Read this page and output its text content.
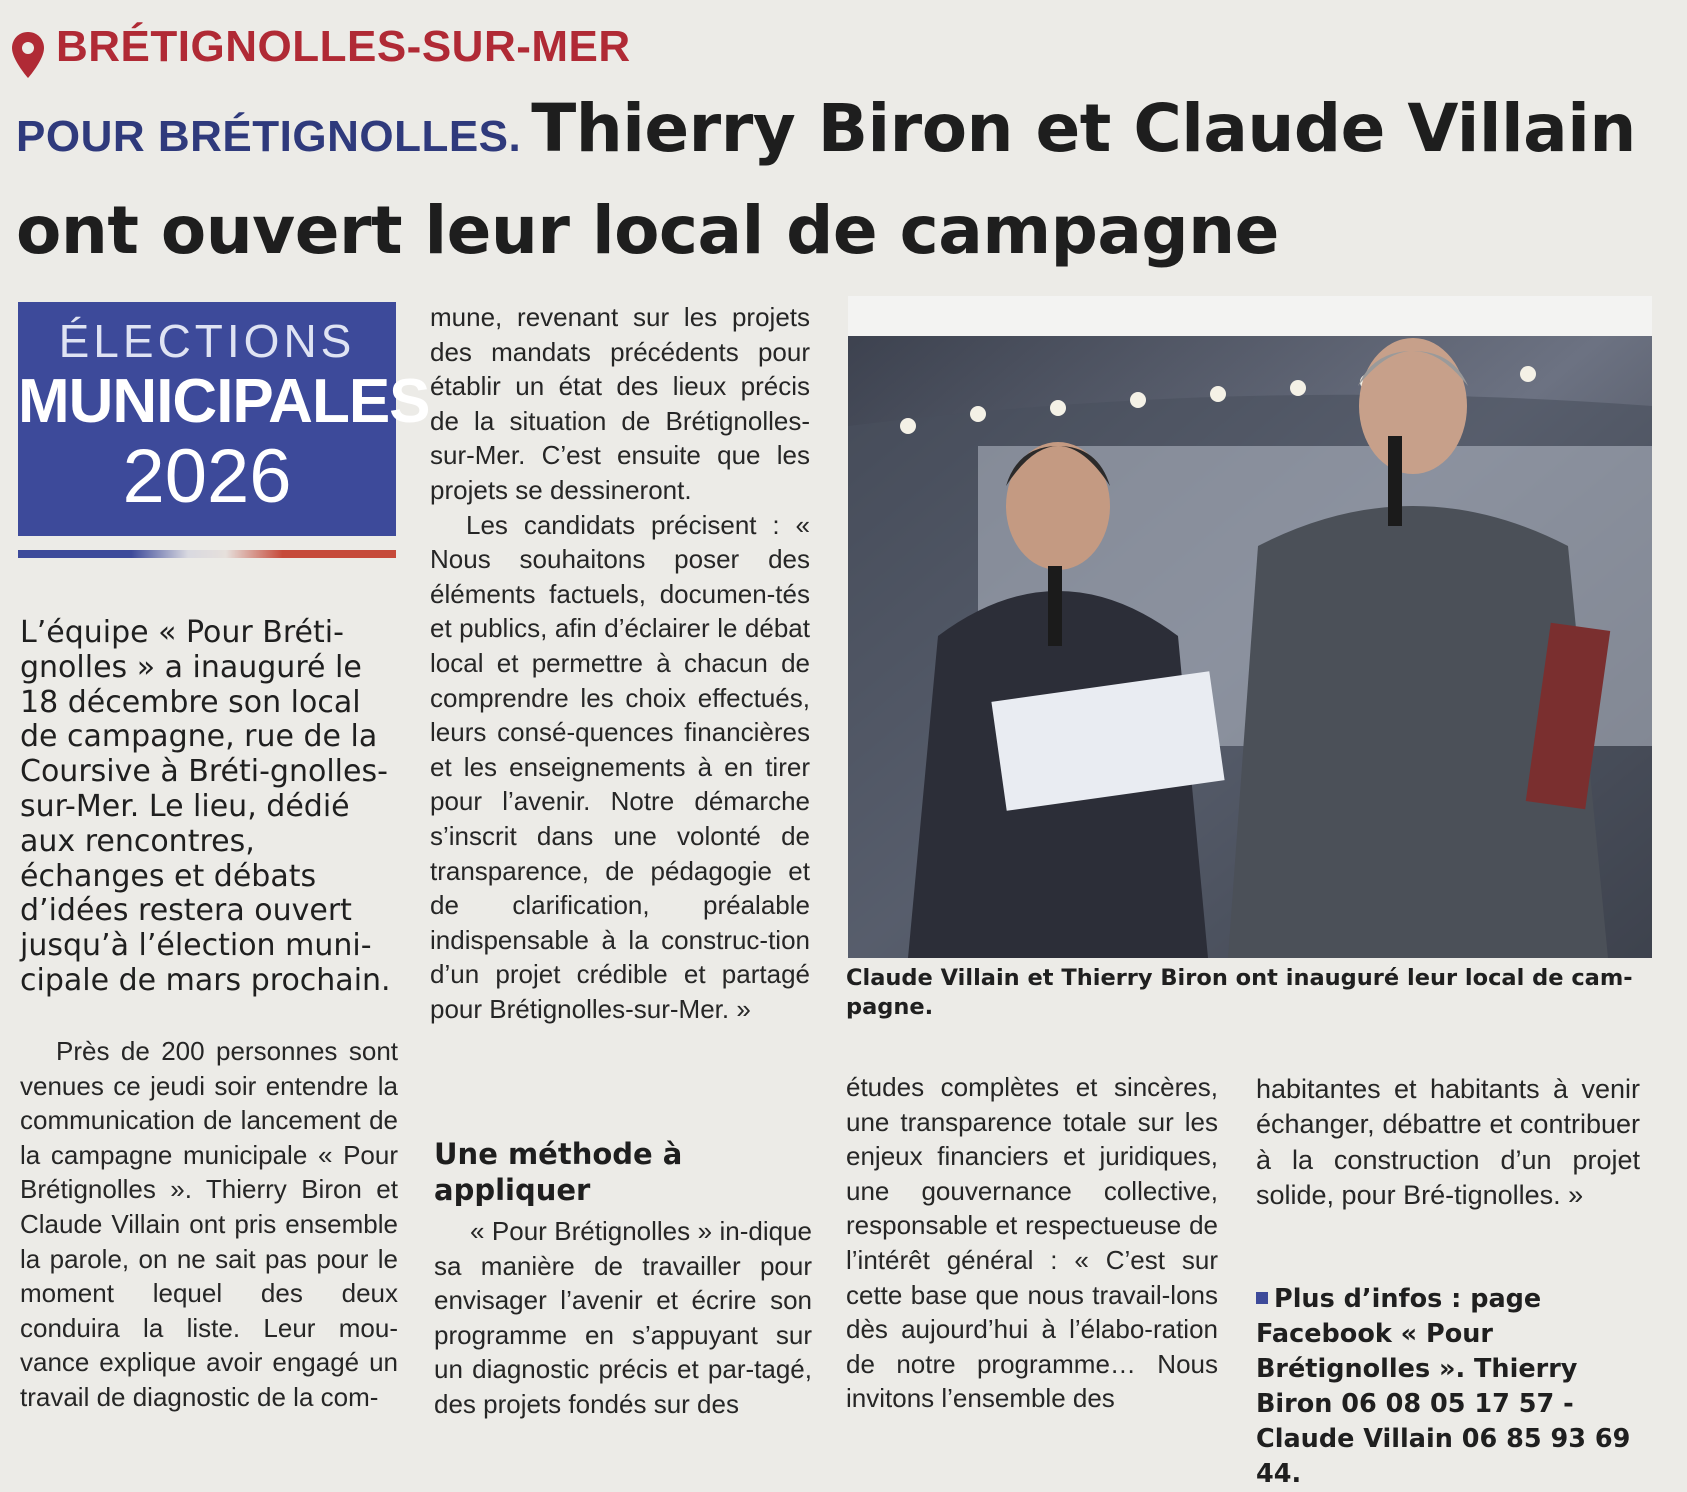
BRÉTIGNOLLES-SUR-MER
POUR BRÉTIGNOLLES. Thierry Biron et Claude Villain ont ouvert leur local de campagne
ÉLECTIONS
MUNICIPALES
2026

L’équipe « Pour Bréti-gnolles » a inauguré le 18 décembre son local de campagne, rue de la Coursive à Bréti-gnolles-sur-Mer. Le lieu, dédié aux rencontres, échanges et débats d’idées restera ouvert jusqu’à l’élection muni-cipale de mars prochain.

Près de 200 personnes sont venues ce jeudi soir entendre la communication de lancement de la campagne municipale « Pour Brétignolles ». Thierry Biron et Claude Villain ont pris ensemble la parole, on ne sait pas pour le moment lequel des deux conduira la liste. Leur mou-vance explique avoir engagé un travail de diagnostic de la com-

mune, revenant sur les projets des mandats précédents pour établir un état des lieux précis de la situation de Brétignolles-sur-Mer. C’est ensuite que les projets se dessineront.

Les candidats précisent : « Nous souhaitons poser des éléments factuels, documen-tés et publics, afin d’éclairer le débat local et permettre à chacun de comprendre les choix effectués, leurs consé-quences financières et les enseignements à en tirer pour l’avenir. Notre démarche s’inscrit dans une volonté de transparence, de pédagogie et de clarification, préalable indispensable à la construc-tion d’un projet crédible et partagé pour Brétignolles-sur-Mer. »

Une méthode à appliquer

« Pour Brétignolles » in-dique sa manière de travailler pour envisager l’avenir et écrire son programme en s’appuyant sur un diagnostic précis et par-tagé, des projets fondés sur des

Claude Villain et Thierry Biron ont inauguré leur local de cam-pagne.

études complètes et sincères, une transparence totale sur les enjeux financiers et juridiques, une gouvernance collective, responsable et respectueuse de l’intérêt général : « C’est sur cette base que nous travail-lons dès aujourd’hui à l’élabo-ration de notre programme… Nous invitons l’ensemble des

habitantes et habitants à venir échanger, débattre et contribuer à la construction d’un projet solide, pour Bré-tignolles. »

Plus d’infos : page Facebook « Pour Brétignolles ». Thierry Biron 06 08 05 17 57 - Claude Villain 06 85 93 69 44.
